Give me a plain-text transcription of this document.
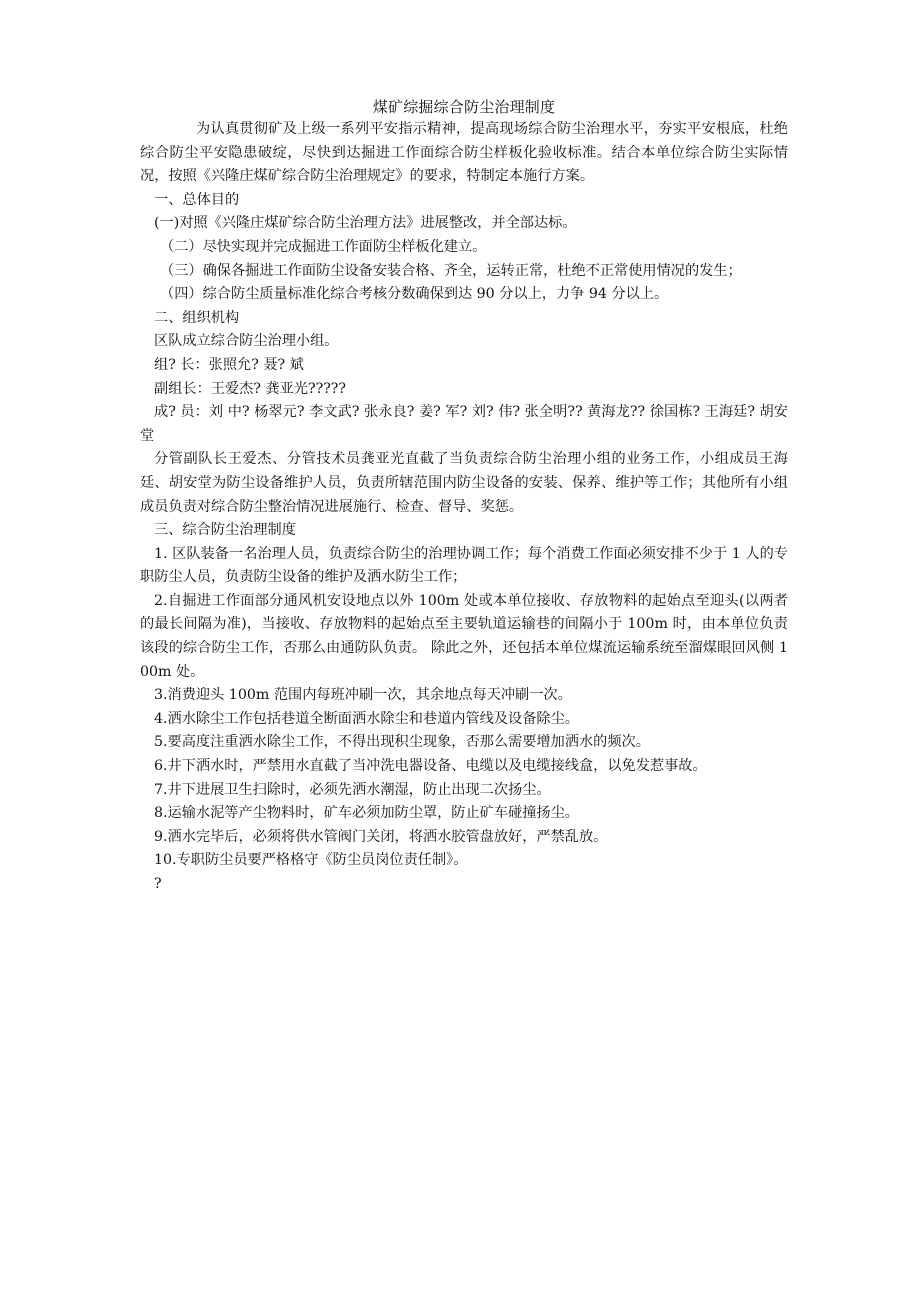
煤矿综掘综合防尘治理制度

为认真贯彻矿及上级一系列平安指示精神，提高现场综合防尘治理水平，夯实平安根底，杜绝综合防尘平安隐患破绽，尽快到达掘进工作面综合防尘样板化验收标准。结合本单位综合防尘实际情况，按照《兴隆庄煤矿综合防尘治理规定》的要求，特制定本施行方案。

一、总体目的

(一)对照《兴隆庄煤矿综合防尘治理方法》进展整改，并全部达标。

（二）尽快实现并完成掘进工作面防尘样板化建立。

（三）确保各掘进工作面防尘设备安装合格、齐全，运转正常，杜绝不正常使用情况的发生；

（四）综合防尘质量标准化综合考核分数确保到达 90 分以上，力争 94 分以上。

二、组织机构

区队成立综合防尘治理小组。

组? 长：张照允? 聂? 斌

副组长：王爱杰? 龚亚光?????

成? 员：刘 中? 杨翠元? 李文武? 张永良? 姜? 军? 刘? 伟? 张全明?? 黄海龙?? 徐国栋? 王海廷? 胡安堂

分管副队长王爱杰、分管技术员龚亚光直截了当负责综合防尘治理小组的业务工作，小组成员王海廷、胡安堂为防尘设备维护人员，负责所辖范围内防尘设备的安装、保养、维护等工作；其他所有小组成员负责对综合防尘整治情况进展施行、检查、督导、奖惩。

三、综合防尘治理制度

1. 区队装备一名治理人员，负责综合防尘的治理协调工作；每个消费工作面必须安排不少于 1 人的专职防尘人员，负责防尘设备的维护及洒水防尘工作；

2.自掘进工作面部分通风机安设地点以外 100m 处或本单位接收、存放物料的起始点至迎头(以两者的最长间隔为准)，当接收、存放物料的起始点至主要轨道运输巷的间隔小于 100m 时，由本单位负责该段的综合防尘工作，否那么由通防队负责。 除此之外，还包括本单位煤流运输系统至溜煤眼回风侧 100m 处。

3.消费迎头 100m 范围内每班冲刷一次，其余地点每天冲刷一次。

4.洒水除尘工作包括巷道全断面洒水除尘和巷道内管线及设备除尘。

5.要高度注重洒水除尘工作，不得出现积尘现象，否那么需要增加洒水的频次。

6.井下洒水时，严禁用水直截了当冲洗电器设备、电缆以及电缆接线盒，以免发惹事故。

7.井下进展卫生扫除时，必须先洒水潮湿，防止出现二次扬尘。

8.运输水泥等产尘物料时，矿车必须加防尘罩，防止矿车碰撞扬尘。

9.洒水完毕后，必须将供水管阀门关闭，将洒水胶管盘放好，严禁乱放。

10.专职防尘员要严格格守《防尘员岗位责任制》。

?
